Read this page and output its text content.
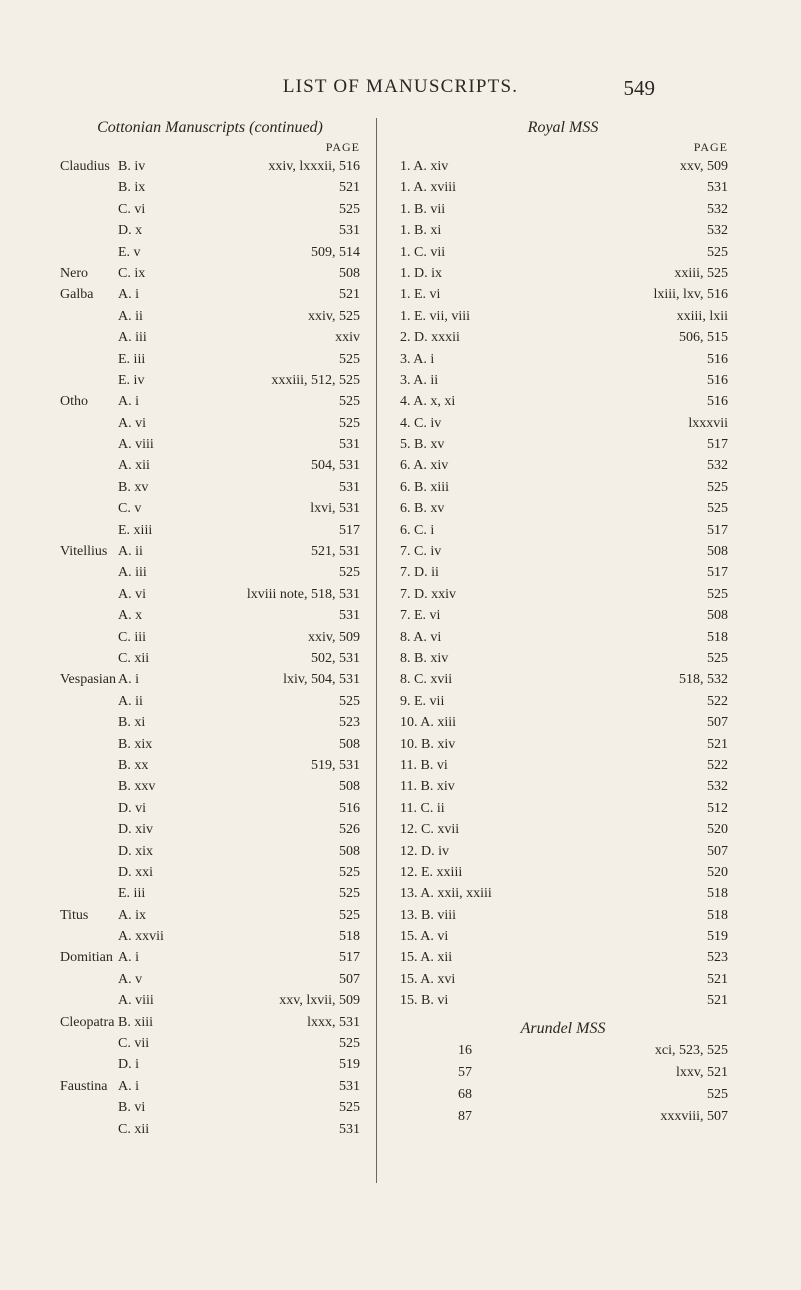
LIST OF MANUSCRIPTS.	549
Cottonian Manuscripts (continued)
PAGE
Claudius B. iv	xxiv, lxxxii, 516
B. ix	521
C. vi	525
D. x	531
E. v	509, 514
Nero C. ix	508
Galba A. i	521
A. ii	xxiv, 525
A. iii	xxiv
E. iii	525
E. iv	xxxiii, 512, 525
Otho A. i	525
A. vi	525
A. viii	531
A. xii	504, 531
B. xv	531
C. v	lxvi, 531
E. xiii	517
Vitellius A. ii	521, 531
A. iii	525
A. vi	lxviii note, 518, 531
A. x	531
C. iii	xxiv, 509
C. xii	502, 531
Vespasian A. i	lxiv, 504, 531
A. ii	525
B. xi	523
B. xix	508
B. xx	519, 531
B. xxv	508
D. vi	516
D. xiv	526
D. xix	508
D. xxi	525
E. iii	525
Titus A. ix	525
A. xxvii	518
Domitian A. i	517
A. v	507
A. viii	xxv, lxvii, 509
Cleopatra B. xiii	lxxx, 531
C. vii	525
D. i	519
Faustina A. i	531
B. vi	525
C. xii	531
Royal MSS
PAGE
1. A. xiv	xxv, 509
1. A. xviii	531
1. B. vii	532
1. B. xi	532
1. C. vii	525
1. D. ix	xxiii, 525
1. E. vi	lxiii, lxv, 516
1. E. vii, viii	xxiii, lxii
2. D. xxxii	506, 515
3. A. i	516
3. A. ii	516
4. A. x, xi	516
4. C. iv	lxxxvii
5. B. xv	517
6. A. xiv	532
6. B. xiii	525
6. B. xv	525
6. C. i	517
7. C. iv	508
7. D. ii	517
7. D. xxiv	525
7. E. vi	508
8. A. vi	518
8. B. xiv	525
8. C. xvii	518, 532
9. E. vii	522
10. A. xiii	507
10. B. xiv	521
11. B. vi	522
11. B. xiv	532
11. C. ii	512
12. C. xvii	520
12. D. iv	507
12. E. xxiii	520
13. A. xxii, xxiii	518
13. B. viii	518
15. A. vi	519
15. A. xii	523
15. A. xvi	521
15. B. vi	521
Arundel MSS
16	xci, 523, 525
57	lxxv, 521
68	525
87	xxxviii, 507
